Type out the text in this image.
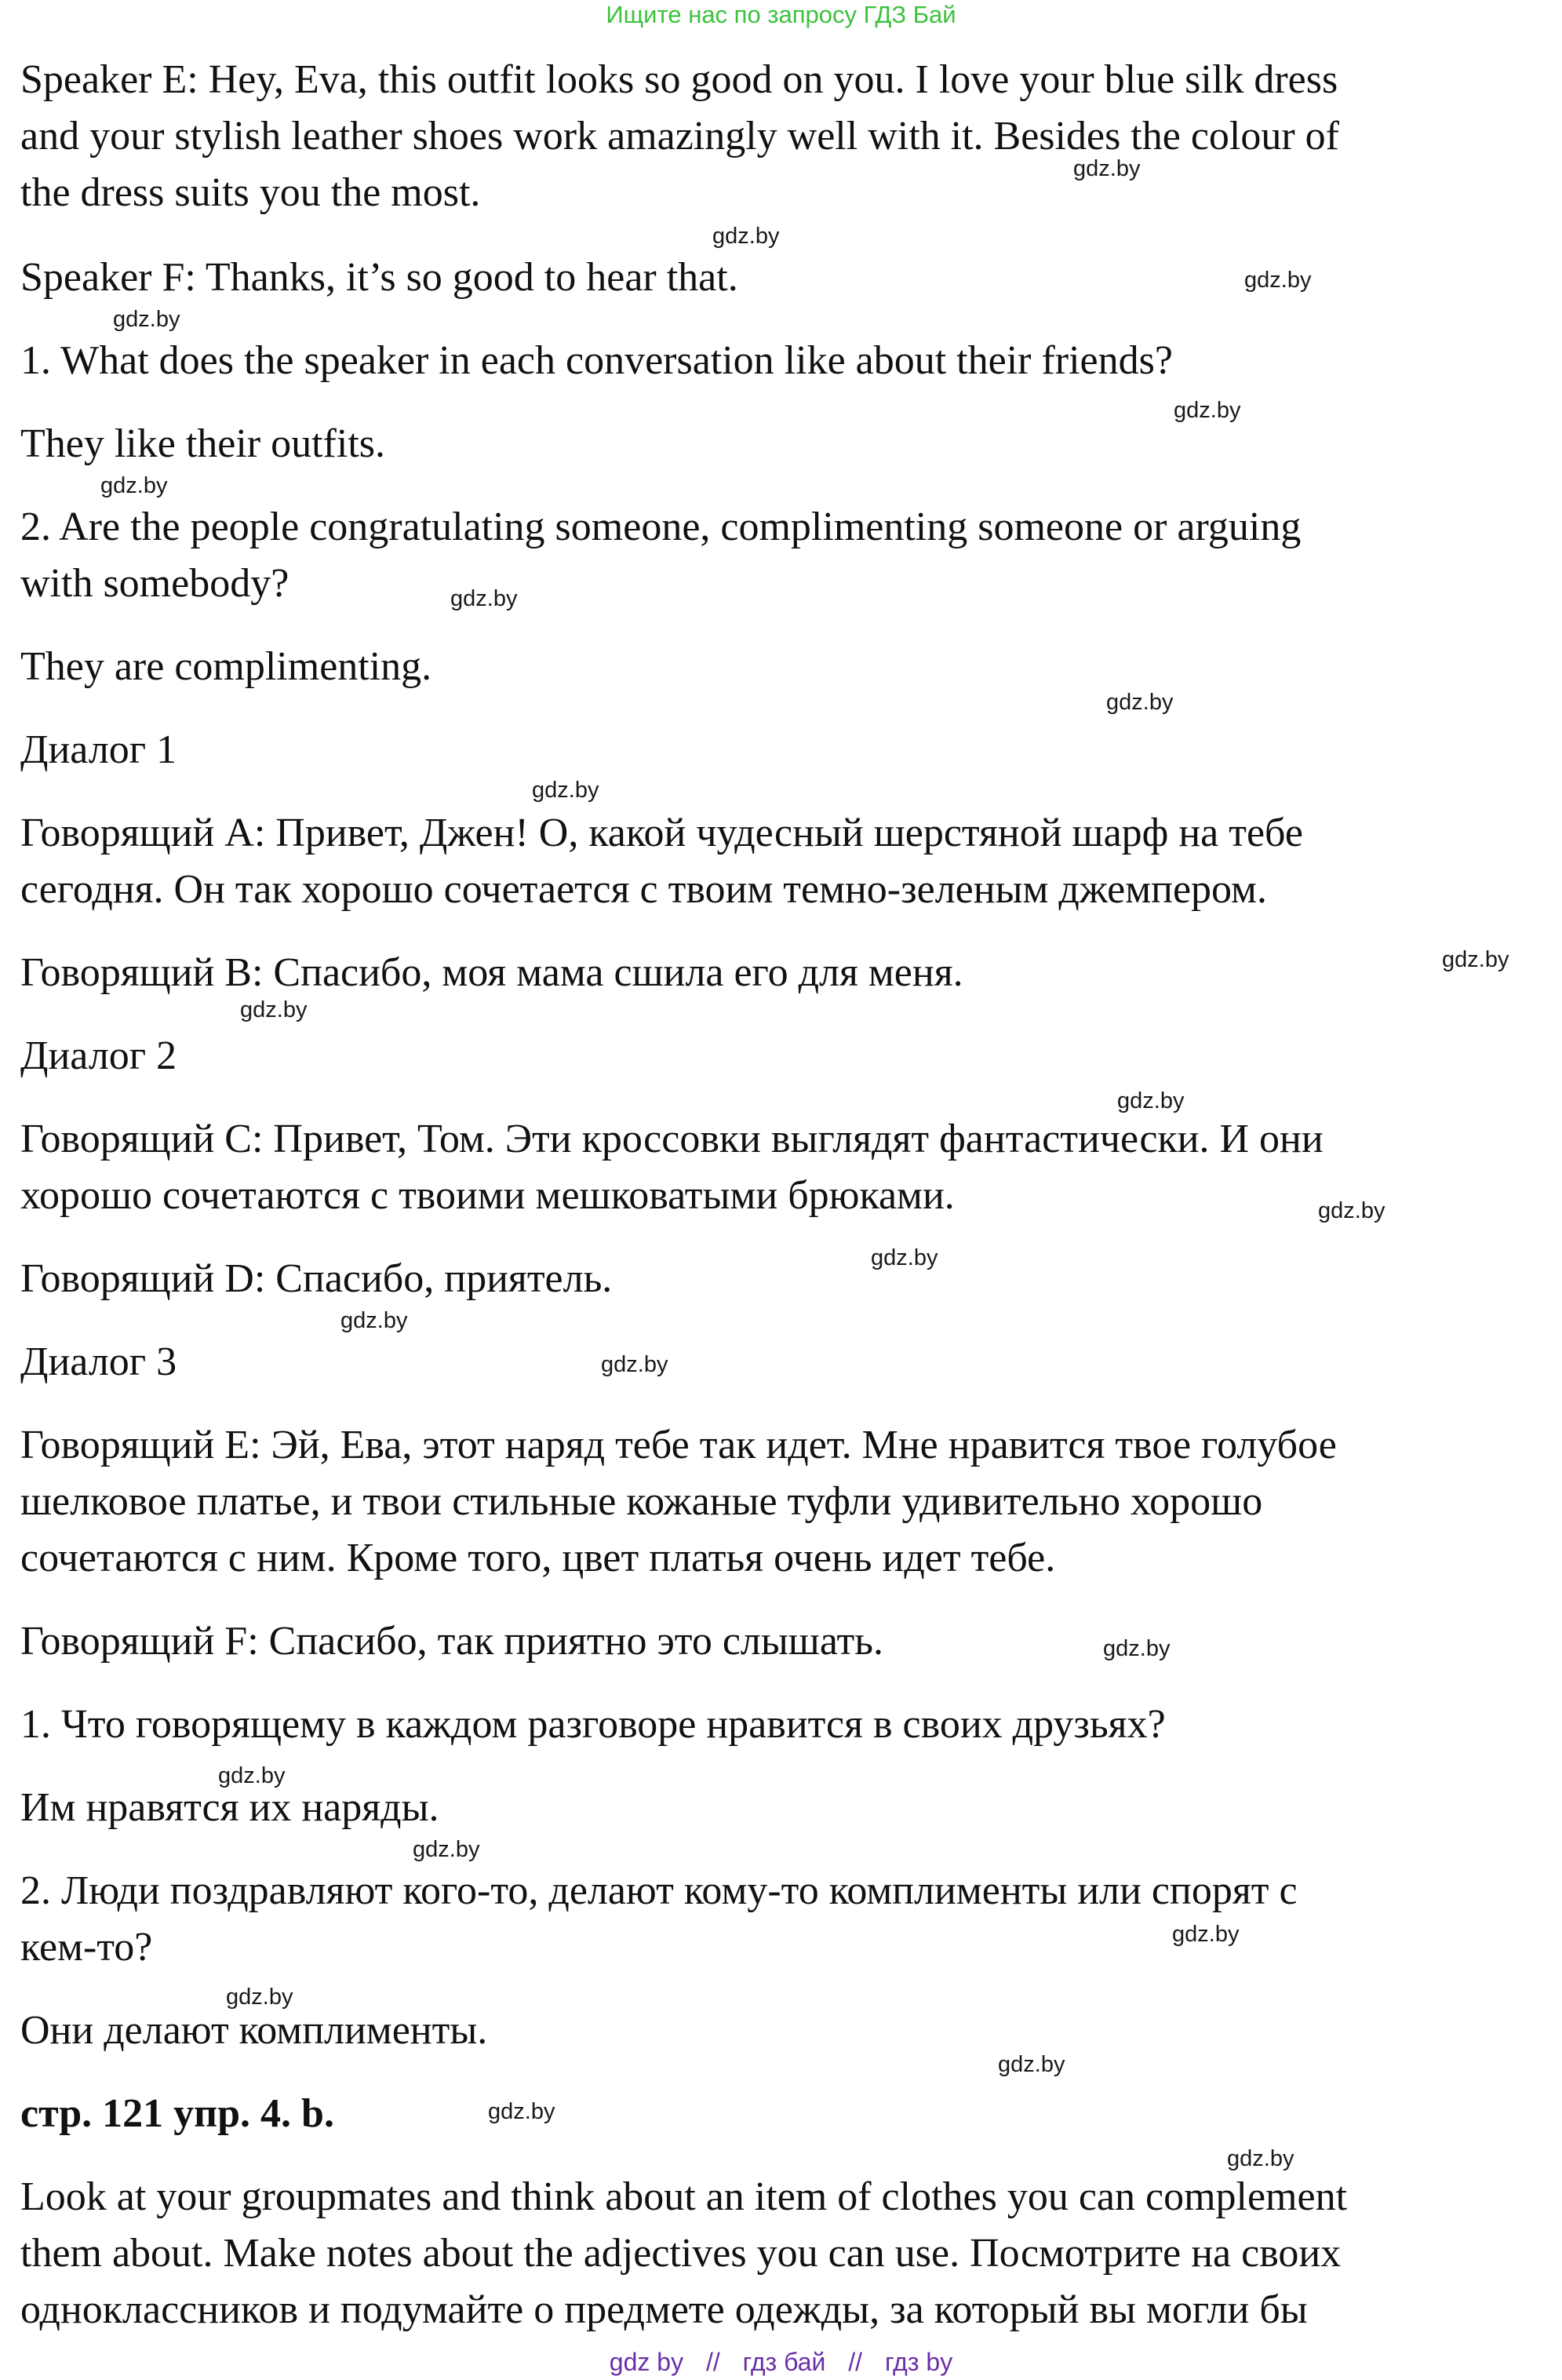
Ищите нас по запросу ГДЗ Бай
Speaker E: Hey, Eva, this outfit looks so good on you. I love your blue silk dress
and your stylish leather shoes work amazingly well with it. Besides the colour of
the dress suits you the most.
Speaker F: Thanks, it’s so good to hear that.
1. What does the speaker in each conversation like about their friends?
They like their outfits.
2. Are the people congratulating someone, complimenting someone or arguing
with somebody?
They are complimenting.
Диалог 1
Говорящий А: Привет, Джен! О, какой чудесный шерстяной шарф на тебе
сегодня. Он так хорошо сочетается с твоим темно-зеленым джемпером.
Говорящий В: Спасибо, моя мама сшила его для меня.
Диалог 2
Говорящий С: Привет, Том. Эти кроссовки выглядят фантастически. И они
хорошо сочетаются с твоими мешковатыми брюками.
Говорящий D: Спасибо, приятель.
Диалог 3
Говорящий Е: Эй, Ева, этот наряд тебе так идет. Мне нравится твое голубое
шелковое платье, и твои стильные кожаные туфли удивительно хорошо
сочетаются с ним. Кроме того, цвет платья очень идет тебе.
Говорящий F: Спасибо, так приятно это слышать.
1. Что говорящему в каждом разговоре нравится в своих друзьях?
Им нравятся их наряды.
2. Люди поздравляют кого-то, делают кому-то комплименты или спорят с
кем-то?
Они делают комплименты.
стр. 121 упр. 4. b.
Look at your groupmates and think about an item of clothes you can complement
them about. Make notes about the adjectives you can use. Посмотрите на своих
одноклассников и подумайте о предмете одежды, за который вы могли бы
gdz.by
gdz.by
gdz.by
gdz.by
gdz.by
gdz.by
gdz.by
gdz.by
gdz.by
gdz.by
gdz.by
gdz.by
gdz.by
gdz.by
gdz.by
gdz.by
gdz.by
gdz.by
gdz.by
gdz.by
gdz.by
gdz.by
gdz.by
gdz.by
gdz by // гдз бай // гдз by
